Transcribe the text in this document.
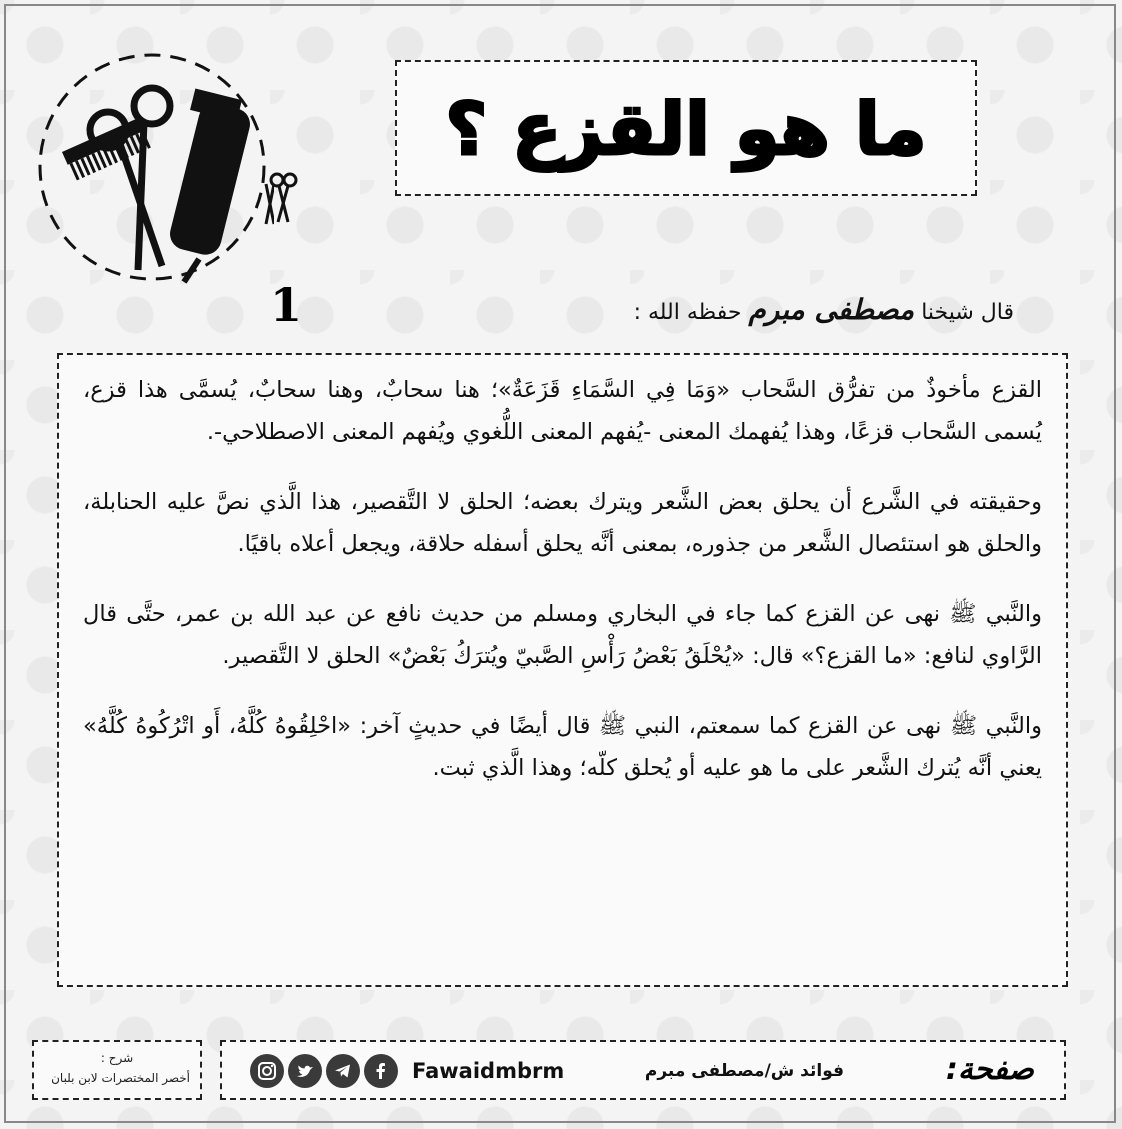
ما هو القزع ؟
1	قال شيخنا مصطفى مبرم حفظه الله :

القزع مأخوذٌ من تفرُّق السَّحاب «وَمَا فِي السَّمَاءِ قَزَعَةٌ»؛ هنا سحابٌ، وهنا سحابٌ، يُسمَّى هذا قزع، يُسمى السَّحاب قزعًا، وهذا يُفهمك المعنى -يُفهم المعنى اللُّغوي ويُفهم المعنى الاصطلاحي-.

وحقيقته في الشَّرع أن يحلق بعض الشَّعر ويترك بعضه؛ الحلق لا التَّقصير، هذا الَّذي نصَّ عليه الحنابلة، والحلق هو استئصال الشَّعر من جذوره، بمعنى أنَّه يحلق أسفله حلاقة، ويجعل أعلاه باقيًا.

والنَّبي ﷺ نهى عن القزع كما جاء في البخاري ومسلم من حديث نافع عن عبد الله بن عمر، حتَّى قال الرَّاوي لنافع: «ما القزع؟» قال: «يُحْلَقُ بَعْضُ رَأْسِ الصَّبيّ ويُترَكُ بَعْضٌ» الحلق لا التَّقصير.

والنَّبي ﷺ نهى عن القزع كما سمعتم، النبي ﷺ قال أيضًا في حديثٍ آخر: «احْلِقُوهُ كُلَّهُ، أَو اتْرُكُوهُ كُلَّهُ» يعني أنَّه يُترك الشَّعر على ما هو عليه أو يُحلق كلّه؛ وهذا الَّذي ثبت.

شرح :
أخصر المختصرات لابن بلبان	صفحة:
فوائد ش/مصطفى مبرم
Fawaidmbrm
